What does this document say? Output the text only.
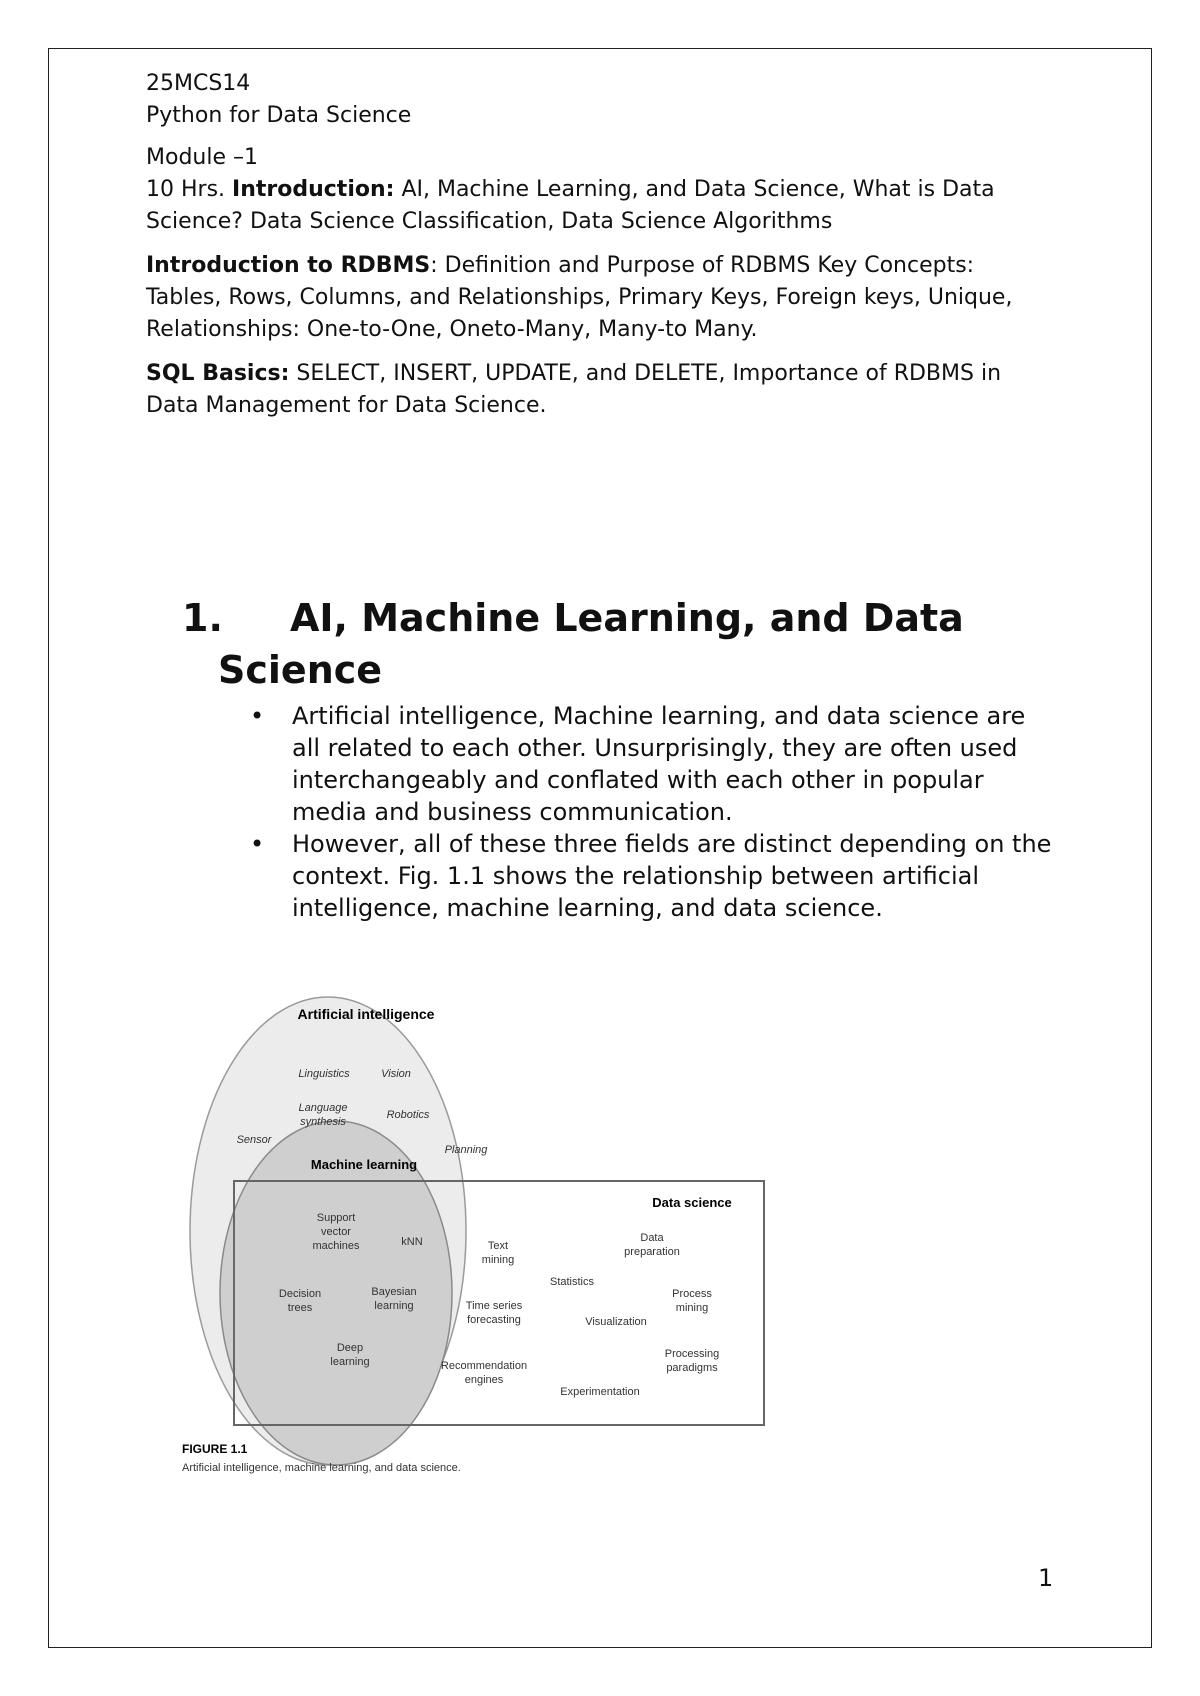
25MCS14

Python for Data Science

Module –1

10 Hrs. Introduction: AI, Machine Learning, and Data Science, What is Data Science? Data Science Classification, Data Science Algorithms

Introduction to RDBMS: Definition and Purpose of RDBMS Key Concepts: Tables, Rows, Columns, and Relationships, Primary Keys, Foreign keys, Unique, Relationships: One-to-One, Oneto-Many, Many-to Many.

SQL Basics: SELECT, INSERT, UPDATE, and DELETE, Importance of RDBMS in Data Management for Data Science.

1. AI, Machine Learning, and Data
Science
• Artificial intelligence, Machine learning, and data science are all related to each other. Unsurprisingly, they are often used interchangeably and conflated with each other in popular media and business communication.
• However, all of these three fields are distinct depending on the context. Fig. 1.1 shows the relationship between artificial intelligence, machine learning, and data science.
Artificial intelligence
Linguistics	Vision
Language
synthesis
Robotics
Sensor
Planning
Machine learning
Support
vector
machines	kNN
Decision
trees
Bayesian
learning
Deep
learning
Text
mining
Time series
forecasting
Recommendation
engines
Data science
Data
preparation
Statistics
Process
mining
Visualization
Processing
paradigms
Experimentation
FIGURE 1.1
Artificial intelligence, machine learning, and data science.
1
